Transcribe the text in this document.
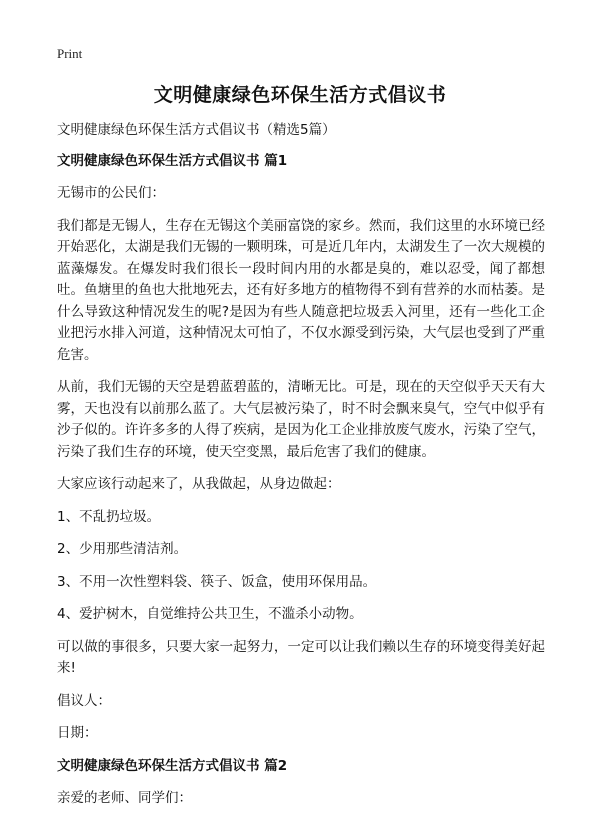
Print
文明健康绿色环保生活方式倡议书

文明健康绿色环保生活方式倡议书（精选5篇）

文明健康绿色环保生活方式倡议书 篇1

无锡市的公民们：

我们都是无锡人，生存在无锡这个美丽富饶的家乡。然而，我们这里的水环境已经开始恶化，太湖是我们无锡的一颗明珠，可是近几年内，太湖发生了一次大规模的蓝藻爆发。在爆发时我们很长一段时间内用的水都是臭的，难以忍受，闻了都想吐。鱼塘里的鱼也大批地死去，还有好多地方的植物得不到有营养的水而枯萎。是什么导致这种情况发生的呢?是因为有些人随意把垃圾丢入河里，还有一些化工企业把污水排入河道，这种情况太可怕了，不仅水源受到污染，大气层也受到了严重危害。

从前，我们无锡的天空是碧蓝碧蓝的，清晰无比。可是，现在的天空似乎天天有大雾，天也没有以前那么蓝了。大气层被污染了，时不时会飘来臭气，空气中似乎有沙子似的。许许多多的人得了疾病，是因为化工企业排放废气废水，污染了空气，污染了我们生存的环境，使天空变黑，最后危害了我们的健康。

大家应该行动起来了，从我做起，从身边做起：

1、不乱扔垃圾。

2、少用那些清洁剂。

3、不用一次性塑料袋、筷子、饭盒，使用环保用品。

4、爱护树木，自觉维持公共卫生，不滥杀小动物。

可以做的事很多，只要大家一起努力，一定可以让我们赖以生存的环境变得美好起来!

倡议人：

日期：

文明健康绿色环保生活方式倡议书 篇2

亲爱的老师、同学们：
